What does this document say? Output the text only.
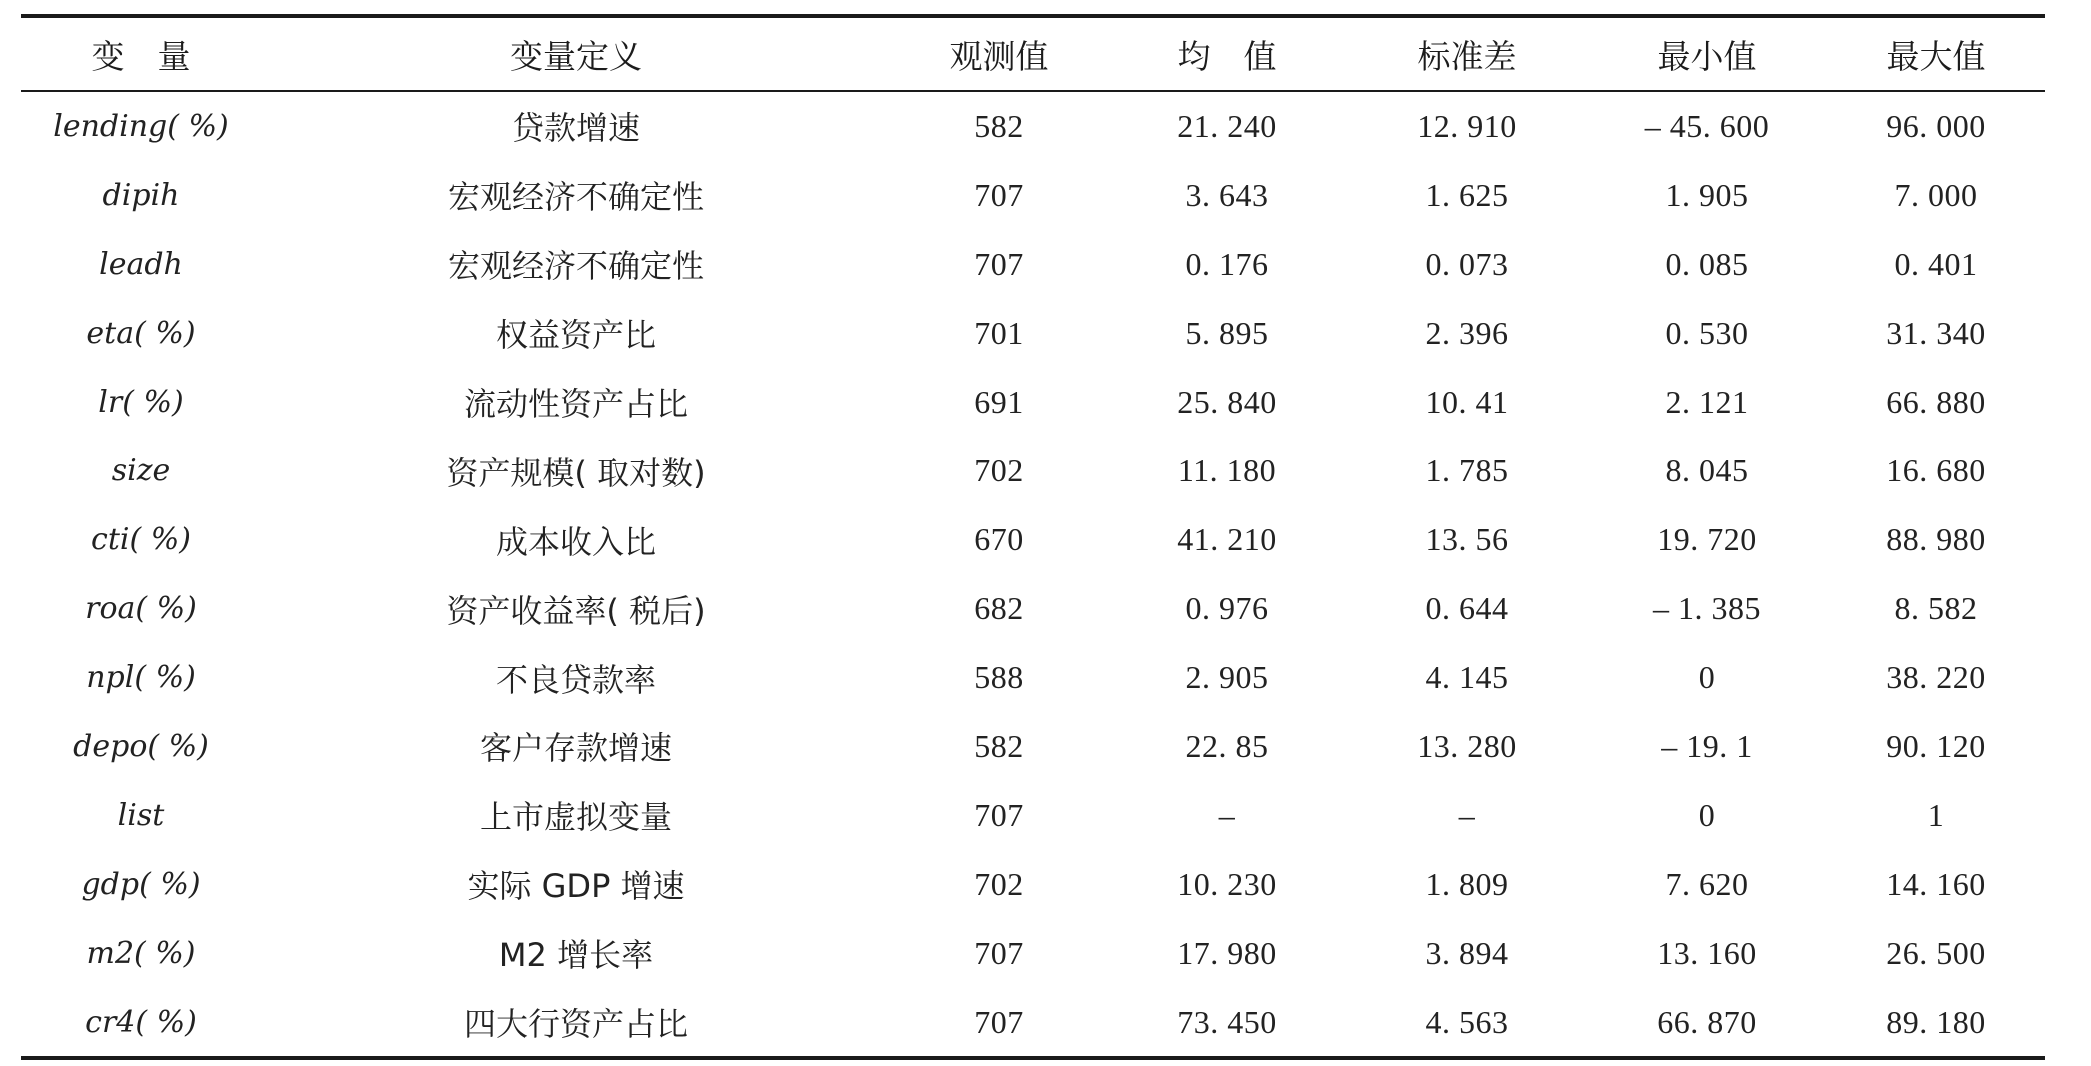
变　量	变量定义	观测值	均　值	标准差	最小值	最大值
lending( %)	贷款增速	582	21. 240	12. 910	– 45. 600	96. 000
dipih	宏观经济不确定性	707	3. 643	1. 625	1. 905	7. 000
leadh	宏观经济不确定性	707	0. 176	0. 073	0. 085	0. 401
eta( %)	权益资产比	701	5. 895	2. 396	0. 530	31. 340
lr( %)	流动性资产占比	691	25. 840	10. 41	2. 121	66. 880
size	资产规模( 取对数)	702	11. 180	1. 785	8. 045	16. 680
cti( %)	成本收入比	670	41. 210	13. 56	19. 720	88. 980
roa( %)	资产收益率( 税后)	682	0. 976	0. 644	– 1. 385	8. 582
npl( %)	不良贷款率	588	2. 905	4. 145	0	38. 220
depo( %)	客户存款增速	582	22. 85	13. 280	– 19. 1	90. 120
list	上市虚拟变量	707	–	–	0	1
gdp( %)	实际 GDP 增速	702	10. 230	1. 809	7. 620	14. 160
m2( %)	M2 增长率	707	17. 980	3. 894	13. 160	26. 500
cr4( %)	四大行资产占比	707	73. 450	4. 563	66. 870	89. 180
